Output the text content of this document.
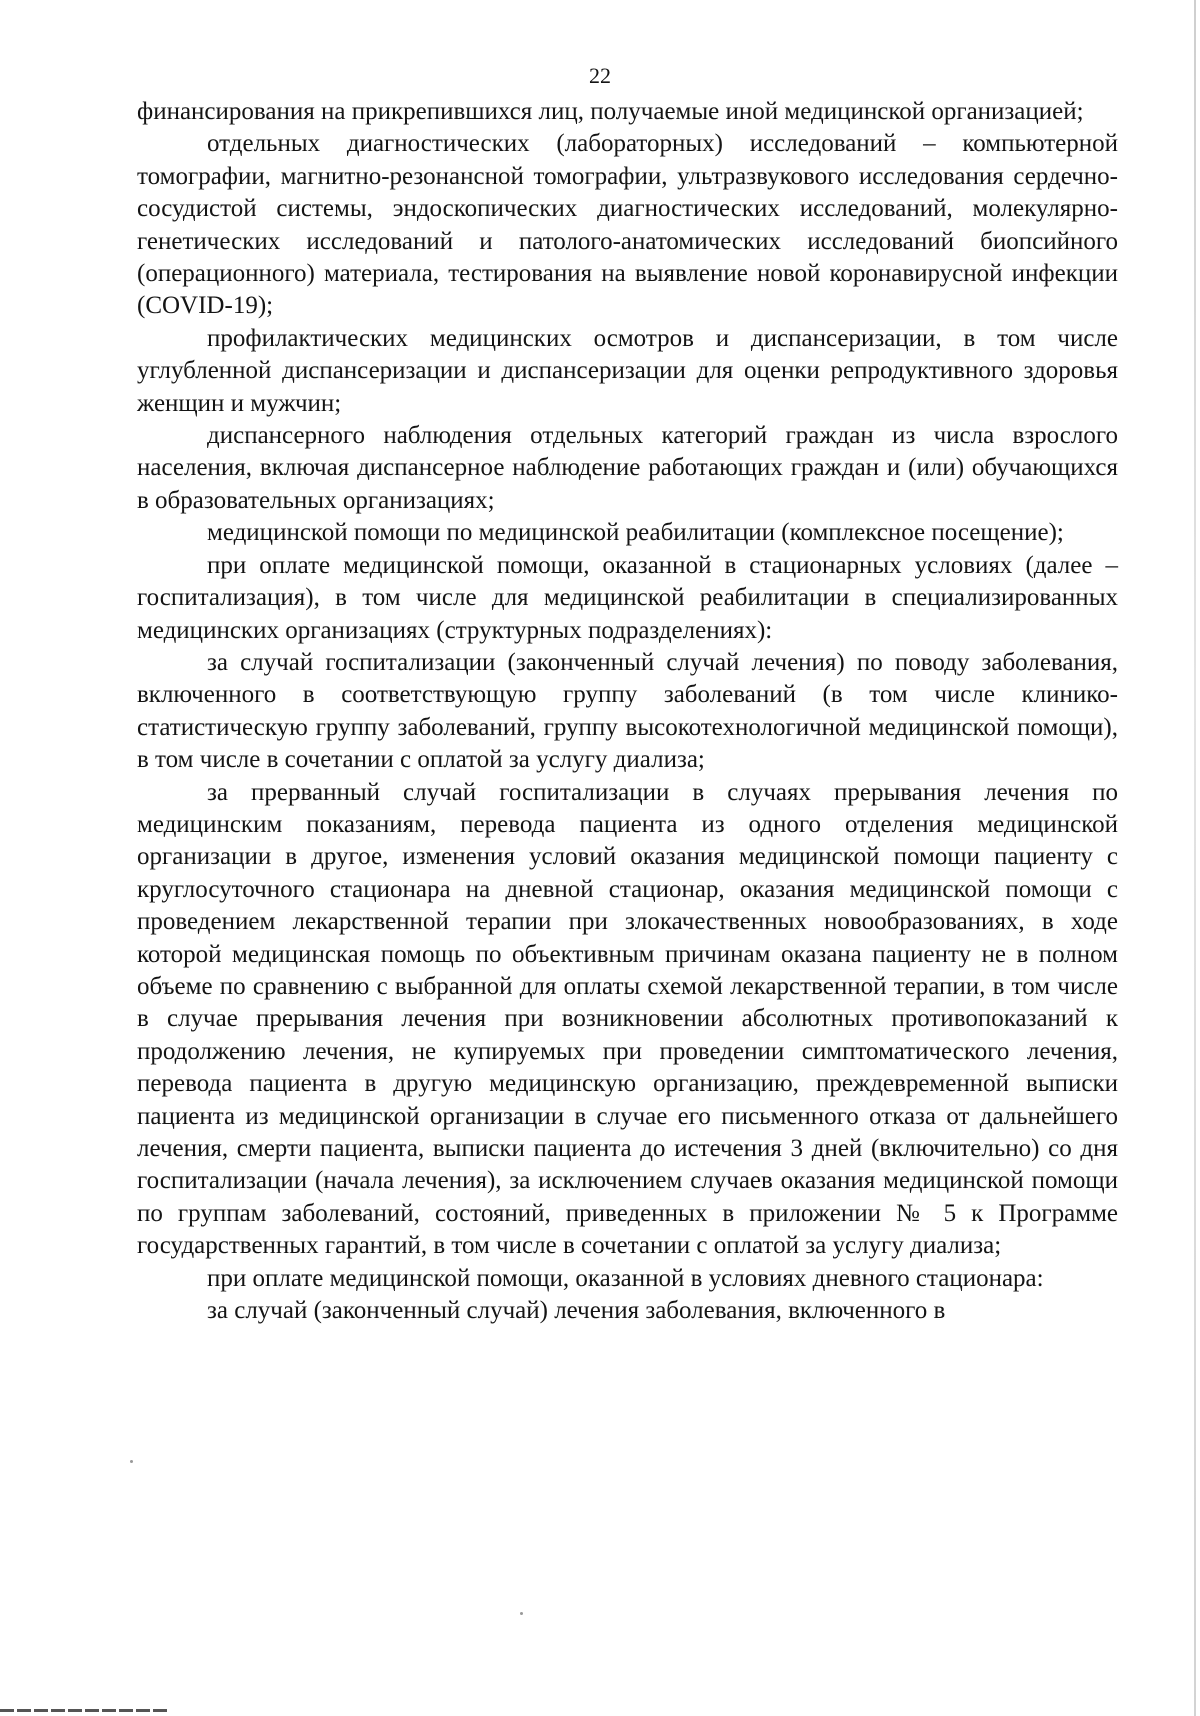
22

финансирования на прикрепившихся лиц, получаемые иной медицинской организацией;

отдельных диагностических (лабораторных) исследований – компьютерной томографии, магнитно-резонансной томографии, ультразвукового исследования сердечно-сосудистой системы, эндоскопических диагностических исследований, молекулярно-генетических исследований и патолого-анатомических исследований биопсийного (операционного) материала, тестирования на выявление новой коронавирусной инфекции (COVID-19);

профилактических медицинских осмотров и диспансеризации, в том числе углубленной диспансеризации и диспансеризации для оценки репродуктивного здоровья женщин и мужчин;

диспансерного наблюдения отдельных категорий граждан из числа взрослого населения, включая диспансерное наблюдение работающих граждан и (или) обучающихся в образовательных организациях;

медицинской помощи по медицинской реабилитации (комплексное посещение);

при оплате медицинской помощи, оказанной в стационарных условиях (далее – госпитализация), в том числе для медицинской реабилитации в специализированных медицинских организациях (структурных подразделениях):

за случай госпитализации (законченный случай лечения) по поводу заболевания, включенного в соответствующую группу заболеваний (в том числе клинико-статистическую группу заболеваний, группу высокотехнологичной медицинской помощи), в том числе в сочетании с оплатой за услугу диализа;

за прерванный случай госпитализации в случаях прерывания лечения по медицинским показаниям, перевода пациента из одного отделения медицинской организации в другое, изменения условий оказания медицинской помощи пациенту с круглосуточного стационара на дневной стационар, оказания медицинской помощи с проведением лекарственной терапии при злокачественных новообразованиях, в ходе которой медицинская помощь по объективным причинам оказана пациенту не в полном объеме по сравнению с выбранной для оплаты схемой лекарственной терапии, в том числе в случае прерывания лечения при возникновении абсолютных противопоказаний к продолжению лечения, не купируемых при проведении симптоматического лечения, перевода пациента в другую медицинскую организацию, преждевременной выписки пациента из медицинской организации в случае его письменного отказа от дальнейшего лечения, смерти пациента, выписки пациента до истечения 3 дней (включительно) со дня госпитализации (начала лечения), за исключением случаев оказания медицинской помощи по группам заболеваний, состояний, приведенных в приложении № 5 к Программе государственных гарантий, в том числе в сочетании с оплатой за услугу диализа;

при оплате медицинской помощи, оказанной в условиях дневного стационара:

за случай (законченный случай) лечения заболевания, включенного в
